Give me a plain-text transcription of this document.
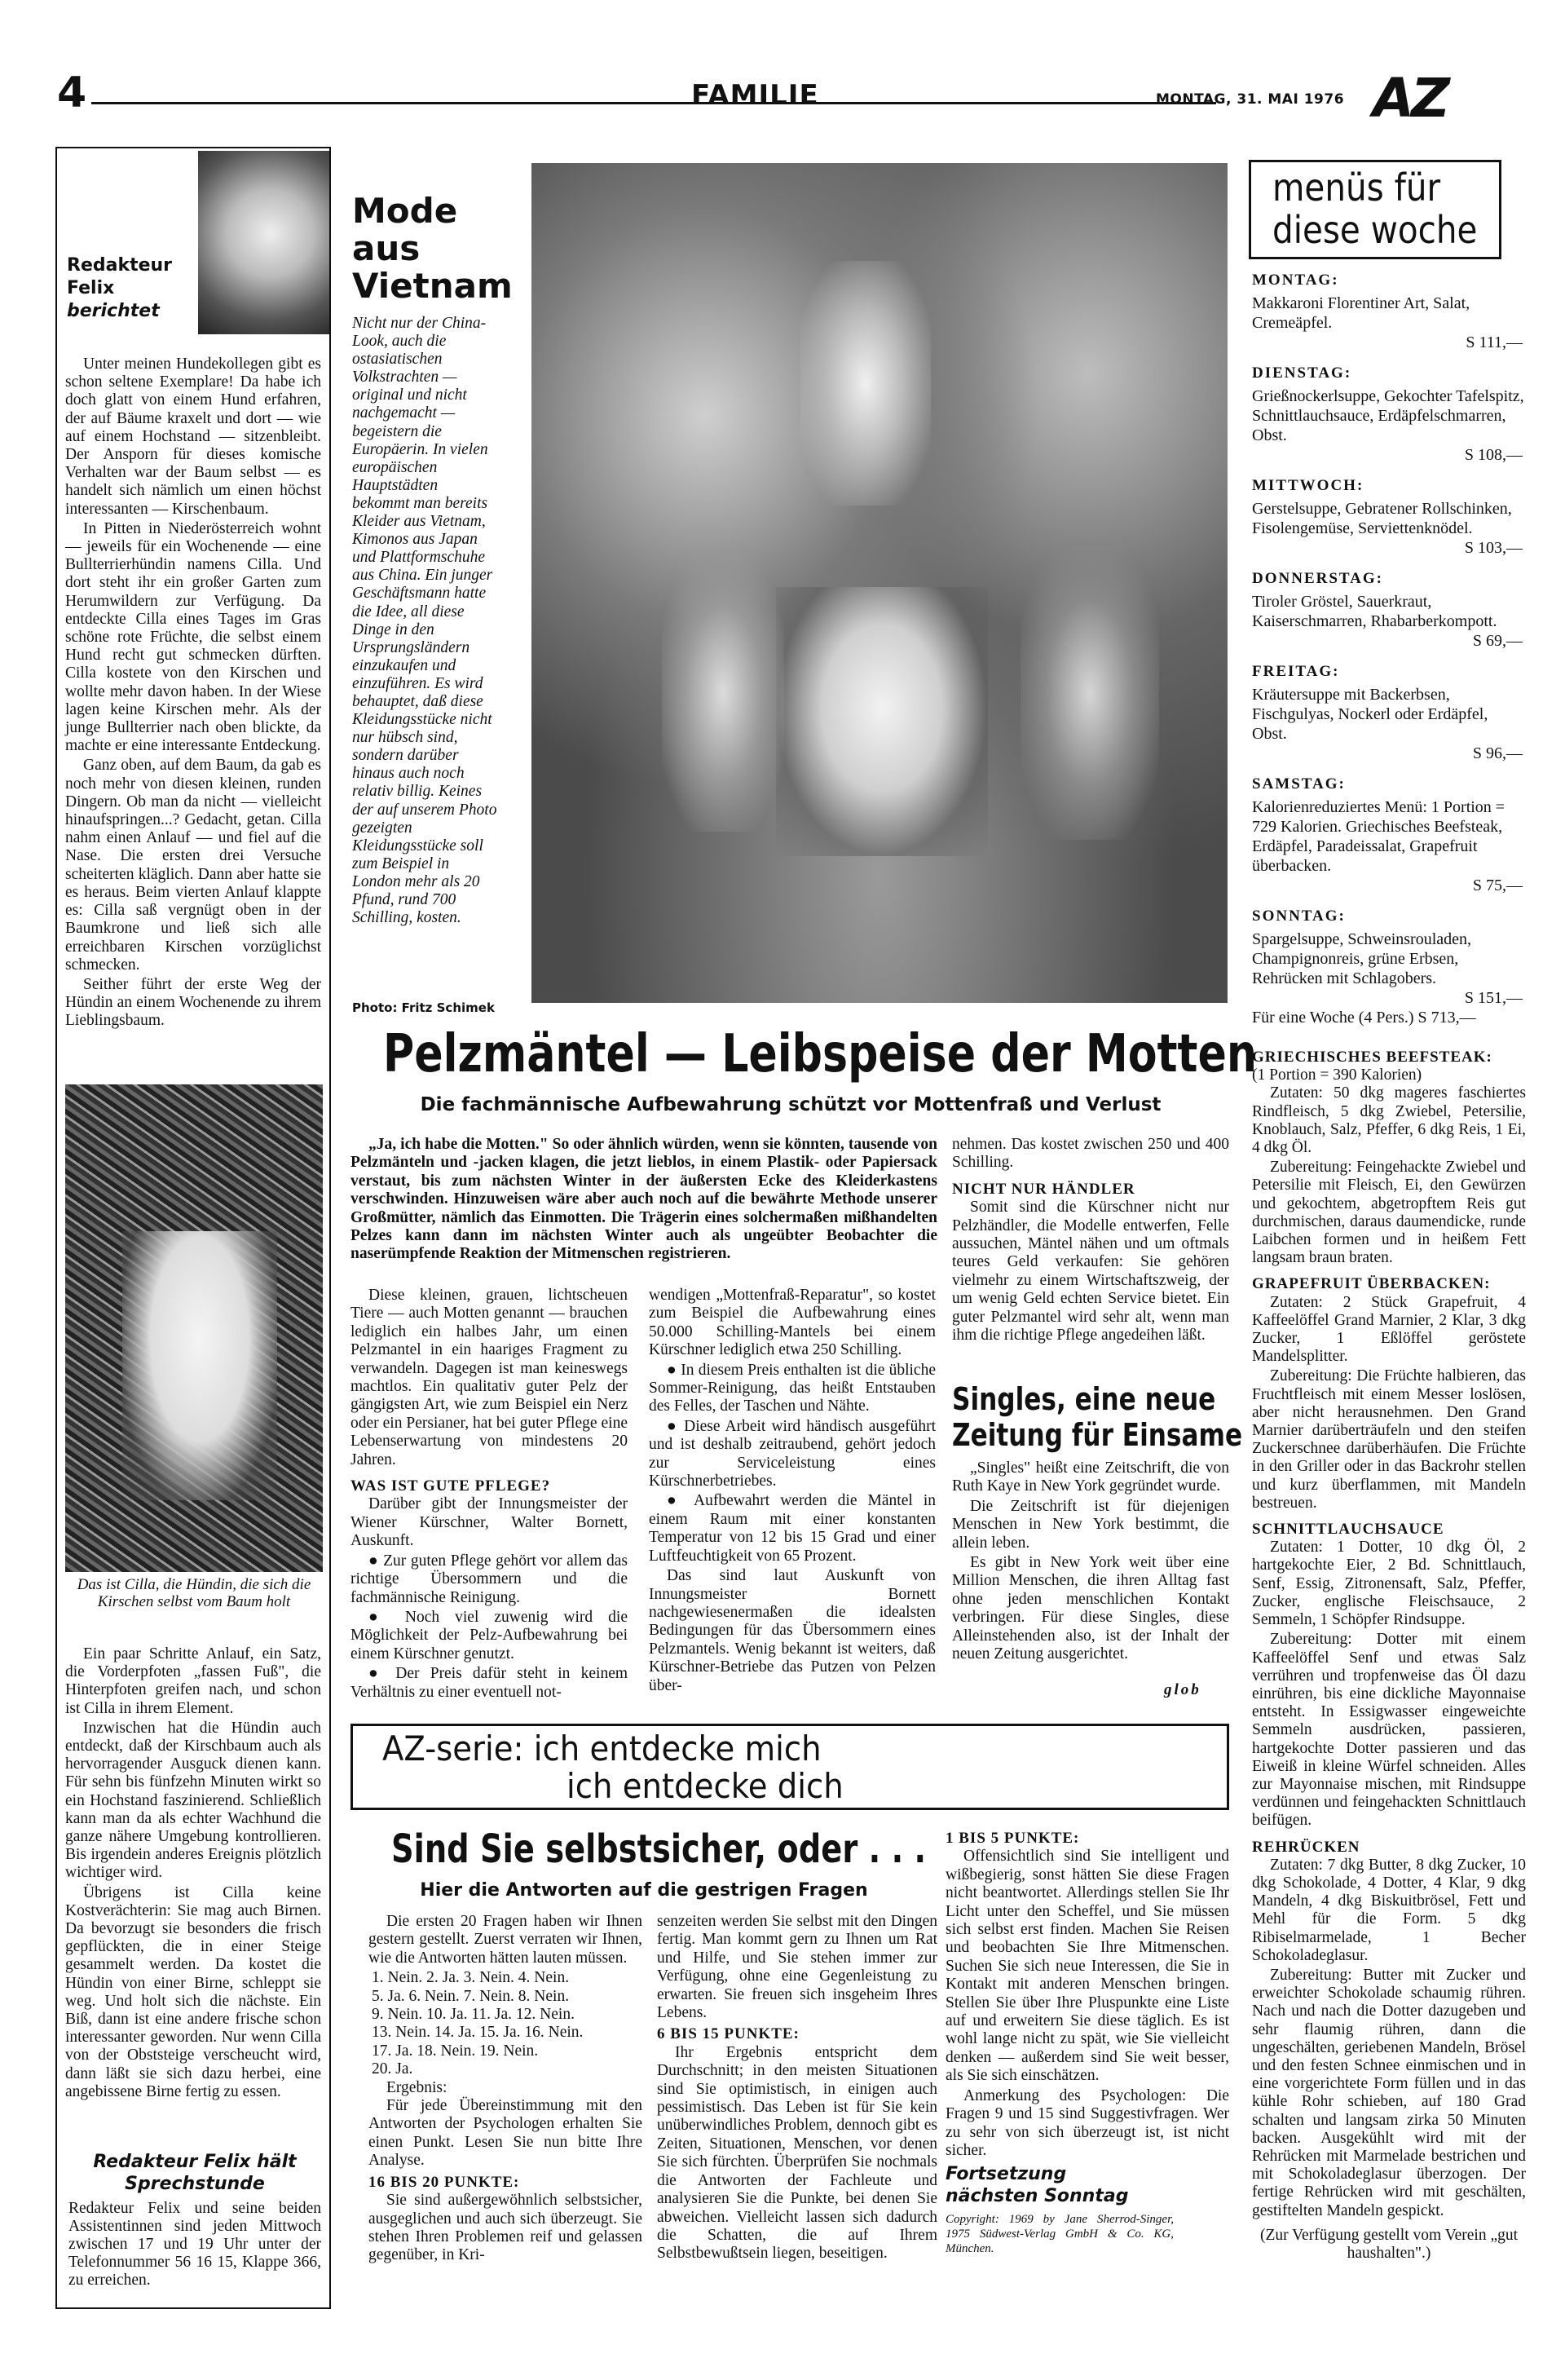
4	FAMILIE	MONTAG, 31. MAI 1976 AZ
Redakteur
Felix
berichtet

Unter meinen Hundekollegen gibt es schon seltene Exemplare! Da habe ich doch glatt von einem Hund erfahren, der auf Bäume kraxelt und dort — wie auf einem Hochstand — sitzenbleibt. Der Ansporn für dieses komische Verhalten war der Baum selbst — es handelt sich nämlich um einen höchst interessanten — Kirschenbaum.

In Pitten in Niederösterreich wohnt — jeweils für ein Wochenende — eine Bullterrierhündin namens Cilla. Und dort steht ihr ein großer Garten zum Herumwildern zur Verfügung. Da entdeckte Cilla eines Tages im Gras schöne rote Früchte, die selbst einem Hund recht gut schmecken dürften. Cilla kostete von den Kirschen und wollte mehr davon haben. In der Wiese lagen keine Kirschen mehr. Als der junge Bullterrier nach oben blickte, da machte er eine interessante Entdeckung.

Ganz oben, auf dem Baum, da gab es noch mehr von diesen kleinen, runden Dingern. Ob man da nicht — vielleicht hinaufspringen...? Gedacht, getan. Cilla nahm einen Anlauf — und fiel auf die Nase. Die ersten drei Versuche scheiterten kläglich. Dann aber hatte sie es heraus. Beim vierten Anlauf klappte es: Cilla saß vergnügt oben in der Baumkrone und ließ sich alle erreichbaren Kirschen vorzüglichst schmecken.

Seither führt der erste Weg der Hündin an einem Wochenende zu ihrem Lieblingsbaum.

Das ist Cilla, die Hündin, die sich die Kirschen selbst vom Baum holt

Ein paar Schritte Anlauf, ein Satz, die Vorderpfoten „fassen Fuß", die Hinterpfoten greifen nach, und schon ist Cilla in ihrem Element.

Inzwischen hat die Hündin auch entdeckt, daß der Kirschbaum auch als hervorragender Ausguck dienen kann. Für sehn bis fünfzehn Minuten wirkt so ein Hochstand faszinierend. Schließlich kann man da als echter Wachhund die ganze nähere Umgebung kontrollieren. Bis irgendein anderes Ereignis plötzlich wichtiger wird.

Übrigens ist Cilla keine Kostverächterin: Sie mag auch Birnen. Da bevorzugt sie besonders die frisch gepflückten, die in einer Steige gesammelt werden. Da kostet die Hündin von einer Birne, schleppt sie weg. Und holt sich die nächste. Ein Biß, dann ist eine andere frische schon interessanter geworden. Nur wenn Cilla von der Obststeige verscheucht wird, dann läßt sie sich dazu herbei, eine angebissene Birne fertig zu essen.

Redakteur Felix hält Sprechstunde
Redakteur Felix und seine beiden Assistentinnen sind jeden Mittwoch zwischen 17 und 19 Uhr unter der Telefonnummer 56 16 15, Klappe 366, zu erreichen.
Mode
aus
Vietnam
Nicht nur der China-Look, auch die ostasiatischen Volkstrachten — original und nicht nachgemacht — begeistern die Europäerin. In vielen europäischen Hauptstädten bekommt man bereits Kleider aus Vietnam, Kimonos aus Japan und Plattformschuhe aus China. Ein junger Geschäftsmann hatte die Idee, all diese Dinge in den Ursprungsländern einzukaufen und einzuführen. Es wird behauptet, daß diese Kleidungsstücke nicht nur hübsch sind, sondern darüber hinaus auch noch relativ billig. Keines der auf unserem Photo gezeigten Kleidungsstücke soll zum Beispiel in London mehr als 20 Pfund, rund 700 Schilling, kosten.
Photo: Fritz Schimek
Pelzmäntel — Leibspeise der Motten
Die fachmännische Aufbewahrung schützt vor Mottenfraß und Verlust
„Ja, ich habe die Motten." So oder ähnlich würden, wenn sie könnten, tausende von Pelzmänteln und -jacken klagen, die jetzt lieblos, in einem Plastik- oder Papiersack verstaut, bis zum nächsten Winter in der äußersten Ecke des Kleiderkastens verschwinden. Hinzuweisen wäre aber auch noch auf die bewährte Methode unserer Großmütter, nämlich das Einmotten. Die Trägerin eines solchermaßen mißhandelten Pelzes kann dann im nächsten Winter auch als ungeübter Beobachter die naserümpfende Reaktion der Mitmenschen registrieren.

Diese kleinen, grauen, lichtscheuen Tiere — auch Motten genannt — brauchen lediglich ein halbes Jahr, um einen Pelzmantel in ein haariges Fragment zu verwandeln. Dagegen ist man keineswegs machtlos. Ein qualitativ guter Pelz der gängigsten Art, wie zum Beispiel ein Nerz oder ein Persianer, hat bei guter Pflege eine Lebenserwartung von mindestens 20 Jahren.

WAS IST GUTE PFLEGE?

Darüber gibt der Innungsmeister der Wiener Kürschner, Walter Bornett, Auskunft.

● Zur guten Pflege gehört vor allem das richtige Übersommern und die fachmännische Reinigung.

● Noch viel zuwenig wird die Möglichkeit der Pelz-Aufbewahrung bei einem Kürschner genutzt.

● Der Preis dafür steht in keinem Verhältnis zu einer eventuell not-

wendigen „Mottenfraß-Reparatur", so kostet zum Beispiel die Aufbewahrung eines 50.000 Schilling-Mantels bei einem Kürschner lediglich etwa 250 Schilling.

● In diesem Preis enthalten ist die übliche Sommer-Reinigung, das heißt Entstauben des Felles, der Taschen und Nähte.

● Diese Arbeit wird händisch ausgeführt und ist deshalb zeitraubend, gehört jedoch zur Serviceleistung eines Kürschnerbetriebes.

● Aufbewahrt werden die Mäntel in einem Raum mit einer konstanten Temperatur von 12 bis 15 Grad und einer Luftfeuchtigkeit von 65 Prozent.

Das sind laut Auskunft von Innungsmeister Bornett nachgewiesenermaßen die idealsten Bedingungen für das Übersommern eines Pelzmantels. Wenig bekannt ist weiters, daß Kürschner-Betriebe das Putzen von Pelzen über-

nehmen. Das kostet zwischen 250 und 400 Schilling.

NICHT NUR HÄNDLER

Somit sind die Kürschner nicht nur Pelzhändler, die Modelle entwerfen, Felle aussuchen, Mäntel nähen und um oftmals teures Geld verkaufen: Sie gehören vielmehr zu einem Wirtschaftszweig, der um wenig Geld echten Service bietet. Ein guter Pelzmantel wird sehr alt, wenn man ihm die richtige Pflege angedeihen läßt.

Singles, eine neue
Zeitung für Einsame

„Singles" heißt eine Zeitschrift, die von Ruth Kaye in New York gegründet wurde.

Die Zeitschrift ist für diejenigen Menschen in New York bestimmt, die allein leben.

Es gibt in New York weit über eine Million Menschen, die ihren Alltag fast ohne jeden menschlichen Kontakt verbringen. Für diese Singles, diese Alleinstehenden also, ist der Inhalt der neuen Zeitung ausgerichtet.

glob
AZ-serie: ich entdecke mich
ich entdecke dich
Sind Sie selbstsicher, oder . . .
Hier die Antworten auf die gestrigen Fragen

Die ersten 20 Fragen haben wir Ihnen gestern gestellt. Zuerst verraten wir Ihnen, wie die Antworten hätten lauten müssen.

1. Nein. 2. Ja. 3. Nein. 4. Nein.
5. Ja. 6. Nein. 7. Nein. 8. Nein.
9. Nein. 10. Ja. 11. Ja. 12. Nein.
13. Nein. 14. Ja. 15. Ja. 16. Nein.
17. Ja. 18. Nein. 19. Nein.
20. Ja.
Ergebnis:

Für jede Übereinstimmung mit den Antworten der Psychologen erhalten Sie einen Punkt. Lesen Sie nun bitte Ihre Analyse.

16 BIS 20 PUNKTE:

Sie sind außergewöhnlich selbstsicher, ausgeglichen und auch sich überzeugt. Sie stehen Ihren Problemen reif und gelassen gegenüber, in Kri-

senzeiten werden Sie selbst mit den Dingen fertig. Man kommt gern zu Ihnen um Rat und Hilfe, und Sie stehen immer zur Verfügung, ohne eine Gegenleistung zu erwarten. Sie freuen sich insgeheim Ihres Lebens.

6 BIS 15 PUNKTE:

Ihr Ergebnis entspricht dem Durchschnitt; in den meisten Situationen sind Sie optimistisch, in einigen auch pessimistisch. Das Leben ist für Sie kein unüberwindliches Problem, dennoch gibt es Zeiten, Situationen, Menschen, vor denen Sie sich fürchten. Überprüfen Sie nochmals die Antworten der Fachleute und analysieren Sie die Punkte, bei denen Sie abweichen. Vielleicht lassen sich dadurch die Schatten, die auf Ihrem Selbstbewußtsein liegen, beseitigen.

1 BIS 5 PUNKTE:

Offensichtlich sind Sie intelligent und wißbegierig, sonst hätten Sie diese Fragen nicht beantwortet. Allerdings stellen Sie Ihr Licht unter den Scheffel, und Sie müssen sich selbst erst finden. Machen Sie Reisen und beobachten Sie Ihre Mitmenschen. Suchen Sie sich neue Interessen, die Sie in Kontakt mit anderen Menschen bringen. Stellen Sie über Ihre Pluspunkte eine Liste auf und erweitern Sie diese täglich. Es ist wohl lange nicht zu spät, wie Sie vielleicht denken — außerdem sind Sie weit besser, als Sie sich einschätzen.

Anmerkung des Psychologen: Die Fragen 9 und 15 sind Suggestivfragen. Wer zu sehr von sich überzeugt ist, ist nicht sicher.

Fortsetzung nächsten Sonntag

Copyright: 1969 by Jane Sherrod-Singer, 1975 Südwest-Verlag GmbH & Co. KG, München.

menüs für
diese woche
MONTAG:
Makkaroni Florentiner Art, Salat, Cremeäpfel.
S 111,—
DIENSTAG:
Grießnockerlsuppe, Gekochter Tafelspitz, Schnittlauchsauce, Erdäpfelschmarren, Obst.
S 108,—
MITTWOCH:
Gerstelsuppe, Gebratener Rollschinken, Fisolengemüse, Serviettenknödel.
S 103,—
DONNERSTAG:
Tiroler Gröstel, Sauerkraut, Kaiserschmarren, Rhabarberkompott.
S 69,—
FREITAG:
Kräutersuppe mit Backerbsen, Fischgulyas, Nockerl oder Erdäpfel, Obst.
S 96,—
SAMSTAG:
Kalorienreduziertes Menü: 1 Portion = 729 Kalorien. Griechisches Beefsteak, Erdäpfel, Paradeissalat, Grapefruit überbacken.
S 75,—
SONNTAG:
Spargelsuppe, Schweinsrouladen, Champignonreis, grüne Erbsen, Rehrücken mit Schlagobers.
S 151,—
Für eine Woche (4 Pers.) S 713,—
GRIECHISCHES BEEFSTEAK:
(1 Portion = 390 Kalorien)

Zutaten: 50 dkg mageres faschiertes Rindfleisch, 5 dkg Zwiebel, Petersilie, Knoblauch, Salz, Pfeffer, 6 dkg Reis, 1 Ei, 4 dkg Öl.

Zubereitung: Feingehackte Zwiebel und Petersilie mit Fleisch, Ei, den Gewürzen und gekochtem, abgetropftem Reis gut durchmischen, daraus daumendicke, runde Laibchen formen und in heißem Fett langsam braun braten.

GRAPEFRUIT ÜBERBACKEN:

Zutaten: 2 Stück Grapefruit, 4 Kaffeelöffel Grand Marnier, 2 Klar, 3 dkg Zucker, 1 Eßlöffel geröstete Mandelsplitter.

Zubereitung: Die Früchte halbieren, das Fruchtfleisch mit einem Messer loslösen, aber nicht herausnehmen. Den Grand Marnier darüberträufeln und den steifen Zuckerschnee darüberhäufen. Die Früchte in den Griller oder in das Backrohr stellen und kurz überflammen, mit Mandeln bestreuen.

SCHNITTLAUCHSAUCE

Zutaten: 1 Dotter, 10 dkg Öl, 2 hartgekochte Eier, 2 Bd. Schnittlauch, Senf, Essig, Zitronensaft, Salz, Pfeffer, Zucker, englische Fleischsauce, 2 Semmeln, 1 Schöpfer Rindsuppe.

Zubereitung: Dotter mit einem Kaffeelöffel Senf und etwas Salz verrühren und tropfenweise das Öl dazu einrühren, bis eine dickliche Mayonnaise entsteht. In Essigwasser eingeweichte Semmeln ausdrücken, passieren, hartgekochte Dotter passieren und das Eiweiß in kleine Würfel schneiden. Alles zur Mayonnaise mischen, mit Rindsuppe verdünnen und feingehackten Schnittlauch beifügen.

REHRÜCKEN

Zutaten: 7 dkg Butter, 8 dkg Zucker, 10 dkg Schokolade, 4 Dotter, 4 Klar, 9 dkg Mandeln, 4 dkg Biskuitbrösel, Fett und Mehl für die Form. 5 dkg Ribiselmarmelade, 1 Becher Schokoladeglasur.

Zubereitung: Butter mit Zucker und erweichter Schokolade schaumig rühren. Nach und nach die Dotter dazugeben und sehr flaumig rühren, dann die ungeschälten, geriebenen Mandeln, Brösel und den festen Schnee einmischen und in eine vorgerichtete Form füllen und in das kühle Rohr schieben, auf 180 Grad schalten und langsam zirka 50 Minuten backen. Ausgekühlt wird mit der Rehrücken mit Marmelade bestrichen und mit Schokoladeglasur überzogen. Der fertige Rehrücken wird mit geschälten, gestiftelten Mandeln gespickt.

(Zur Verfügung gestellt vom Verein „gut haushalten".)
